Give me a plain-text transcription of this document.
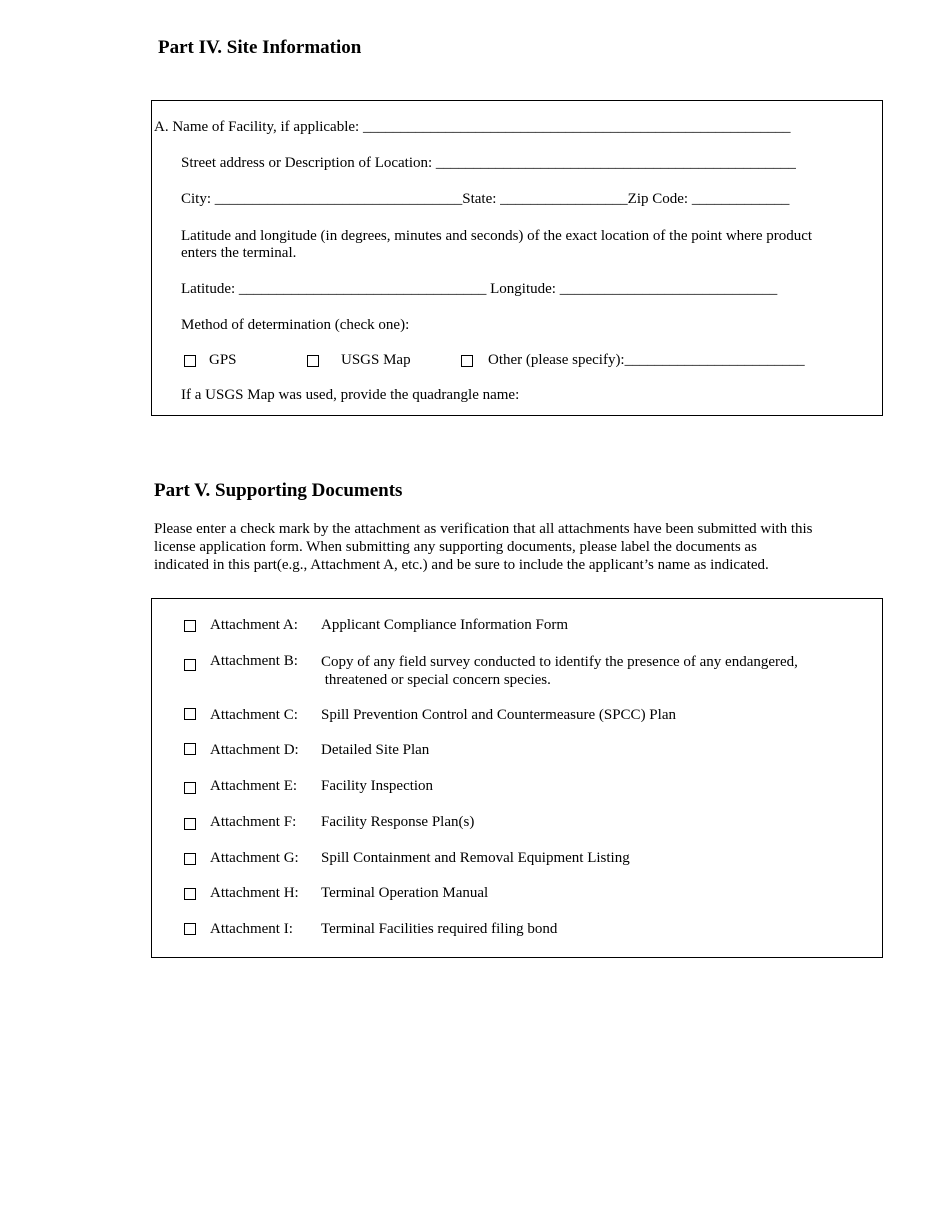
Part IV. Site Information
A. Name of Facility, if applicable: _________________________________________________________
Street address or Description of Location: ________________________________________________
City: _________________________________State: _________________Zip Code: _____________
Latitude and longitude (in degrees, minutes and seconds) of the exact location of the point where product
enters the terminal.
Latitude: _________________________________ Longitude: _____________________________
Method of determination (check one):
GPS	USGS Map	Other (please specify):________________________
If a USGS Map was used, provide the quadrangle name:
Part V. Supporting Documents
Please enter a check mark by the attachment as verification that all attachments have been submitted with this
license application form. When submitting any supporting documents, please label the documents as
indicated in this part(e.g., Attachment A, etc.) and be sure to include the applicant’s name as indicated.
Attachment A: Applicant Compliance Information Form
Attachment B: Copy of any field survey conducted to identify the presence of any endangered,
threatened or special concern species.
Attachment C: Spill Prevention Control and Countermeasure (SPCC) Plan
Attachment D: Detailed Site Plan
Attachment E: Facility Inspection
Attachment F: Facility Response Plan(s)
Attachment G: Spill Containment and Removal Equipment Listing
Attachment H: Terminal Operation Manual
Attachment I: Terminal Facilities required filing bond
